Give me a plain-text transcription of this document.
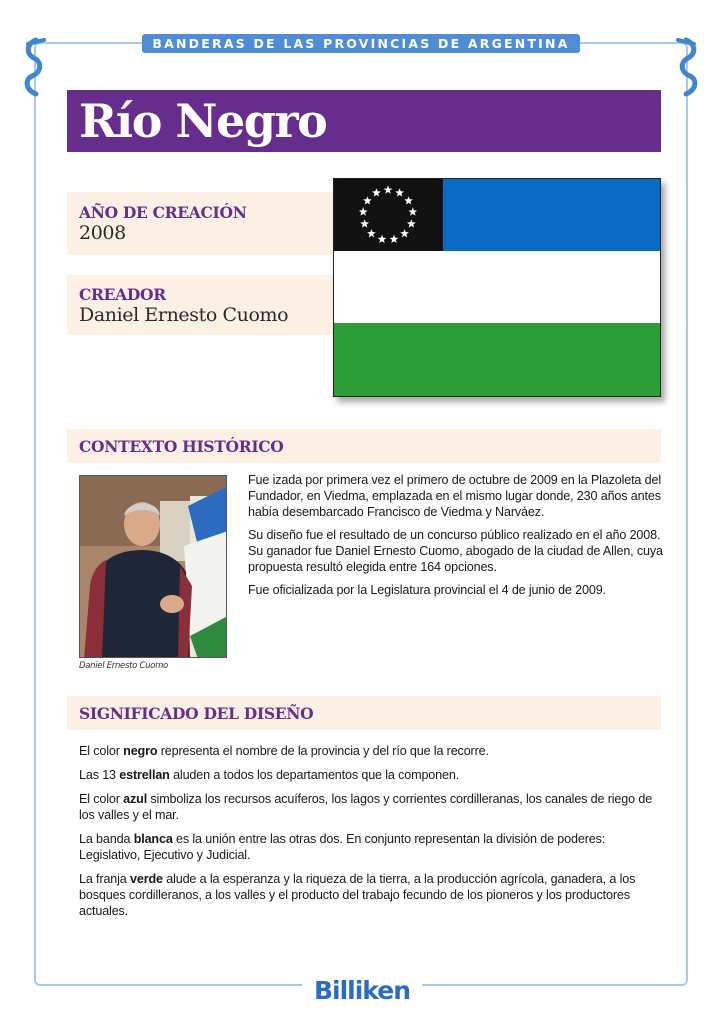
BANDERAS DE LAS PROVINCIAS DE ARGENTINA
Río Negro
AÑO DE CREACIÓN
2008
CREADOR
Daniel Ernesto Cuomo
CONTEXTO HISTÓRICO
Daniel Ernesto Cuomo

Fue izada por primera vez el primero de octubre de 2009 en la Plazoleta del Fundador, en Viedma, emplazada en el mismo lugar donde, 230 años antes había desembarcado Francisco de Viedma y Narváez.

Su diseño fue el resultado de un concurso público realizado en el año 2008. Su ganador fue Daniel Ernesto Cuomo, abogado de la ciudad de Allen, cuya propuesta resultó elegida entre 164 opciones.

Fue oficializada por la Legislatura provincial el 4 de junio de 2009.

SIGNIFICADO DEL DISEÑO

El color negro representa el nombre de la provincia y del río que la recorre.

Las 13 estrellan aluden a todos los departamentos que la componen.

El color azul simboliza los recursos acuíferos, los lagos y corrientes cordilleranas, los canales de riego de los valles y el mar.

La banda blanca es la unión entre las otras dos. En conjunto representan la división de poderes: Legislativo, Ejecutivo y Judicial.

La franja verde alude a la esperanza y la riqueza de la tierra, a la producción agrícola, ganadera, a los bosques cordilleranos, a los valles y el producto del trabajo fecundo de los pioneros y los productores actuales.

Billiken
